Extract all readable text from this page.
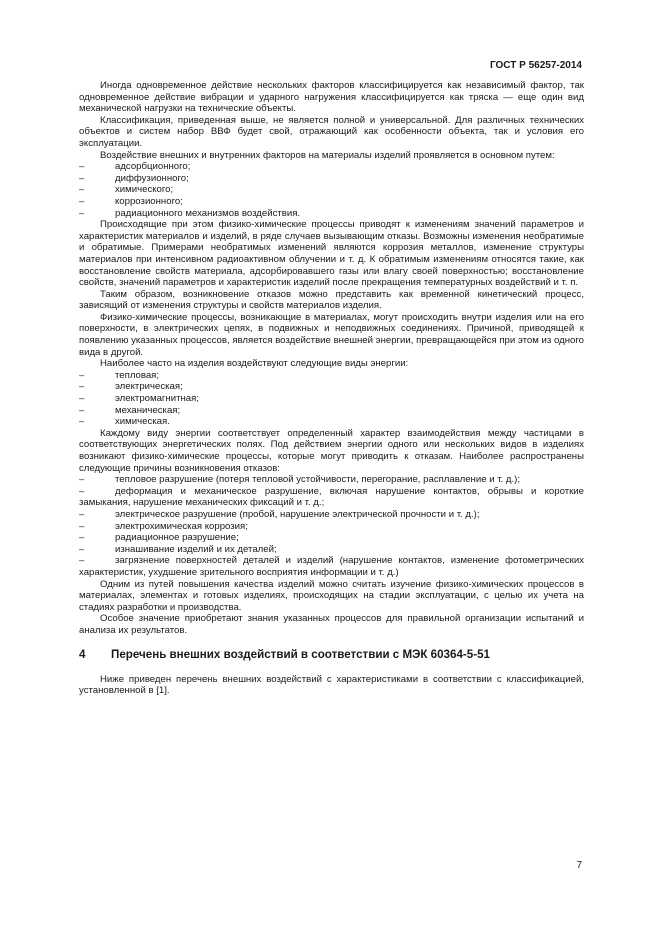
ГОСТ Р 56257-2014
Иногда одновременное действие нескольких факторов классифицируется как независимый фактор, так одновременное действие вибрации и ударного нагружения классифицируется как тряска — еще один вид механической нагрузки на технические объекты.
Классификация, приведенная выше, не является полной и универсальной. Для различных технических объектов и систем набор ВВФ будет свой, отражающий как особенности объекта, так и условия его эксплуатации.
Воздействие внешних и внутренних факторов на материалы изделий проявляется в основном путем:
–	адсорбционного;
–	диффузионного;
–	химического;
–	коррозионного;
–	радиационного механизмов воздействия.
Происходящие при этом физико-химические процессы приводят к изменениям значений параметров и характеристик материалов и изделий, в ряде случаев вызывающим отказы. Возможны изменения необратимые и обратимые. Примерами необратимых изменений являются коррозия металлов, изменение структуры материалов при интенсивном радиоактивном облучении и т. д. К обратимым изменениям относятся такие, как восстановление свойств материала, адсорбировавшего газы или влагу своей поверхностью; восстановление свойств, значений параметров и характеристик изделий после прекращения температурных воздействий и т. п.
Таким образом, возникновение отказов можно представить как временной кинетический процесс, зависящий от изменения структуры и свойств материалов изделия.
Физико-химические процессы, возникающие в материалах, могут происходить внутри изделия или на его поверхности, в электрических цепях, в подвижных и неподвижных соединениях. Причиной, приводящей к появлению указанных процессов, является воздействие внешней энергии, превращающейся при этом из одного вида в другой.
Наиболее часто на изделия воздействуют следующие виды энергии:
–	тепловая;
–	электрическая;
–	электромагнитная;
–	механическая;
–	химическая.
Каждому виду энергии соответствует определенный характер взаимодействия между частицами в соответствующих энергетических полях. Под действием энергии одного или нескольких видов в изделиях возникают физико-химические процессы, которые могут приводить к отказам. Наиболее распространены следующие причины возникновения отказов:
–	тепловое разрушение (потеря тепловой устойчивости, перегорание, расплавление и т. д.);
–	деформация и механическое разрушение, включая нарушение контактов, обрывы и короткие замыкания, нарушение механических фиксаций и т. д.;
–	электрическое разрушение (пробой, нарушение электрической прочности и т. д.);
–	электрохимическая коррозия;
–	радиационное разрушение;
–	изнашивание изделий и их деталей;
–	загрязнение поверхностей деталей и изделий (нарушение контактов, изменение фотометрических характеристик, ухудшение зрительного восприятия информации и т. д.)
Одним из путей повышения качества изделий можно считать изучение физико-химических процессов в материалах, элементах и готовых изделиях, происходящих на стадии эксплуатации, с целью их учета на стадиях разработки и производства.
Особое значение приобретают знания указанных процессов для правильной организации испытаний и анализа их результатов.
4 Перечень внешних воздействий в соответствии с МЭК 60364-5-51
Ниже приведен перечень внешних воздействий с характеристиками в соответствии с классификацией, установленной в [1].
7
